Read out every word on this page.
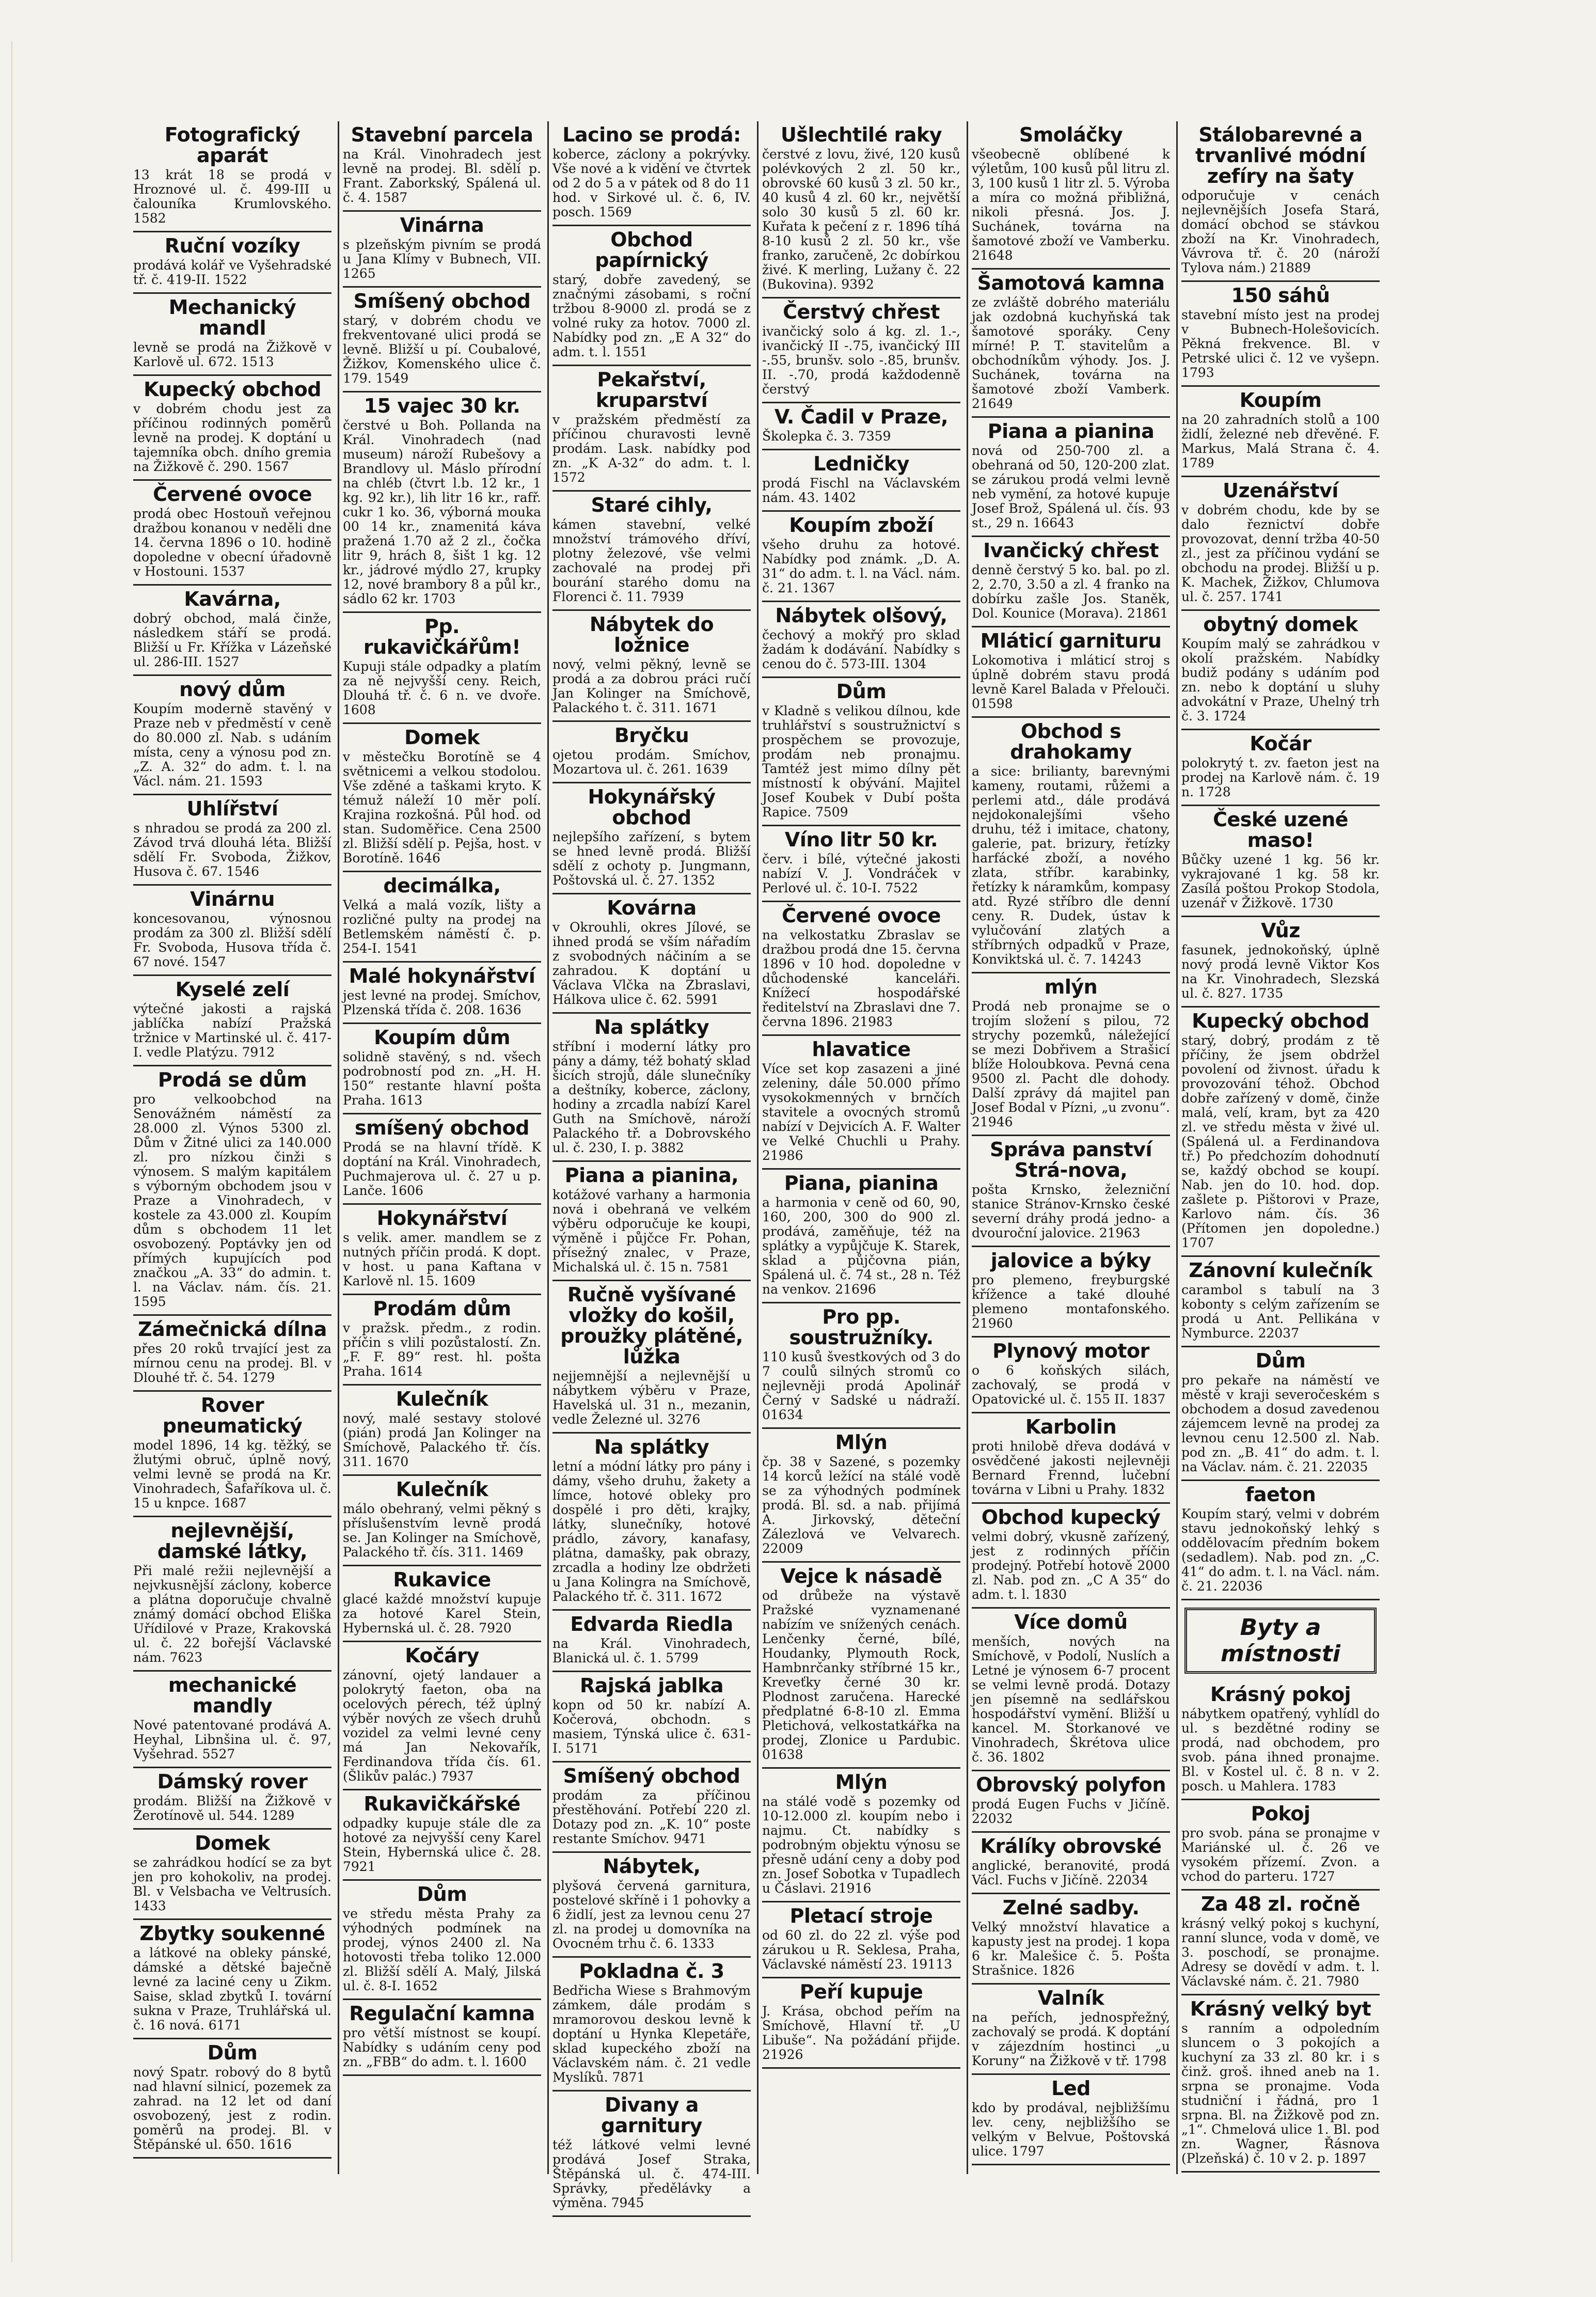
Fotografický aparát

13 krát 18 se prodá v Hroznové ul. č. 499-III u čalouníka Krumlovského. 1582

Ruční vozíky

prodává kolář ve Vyšehradské tř. č. 419-II. 1522

Mechanický mandl

levně se prodá na Žižkově v Karlově ul. 672. 1513

Kupecký obchod

v dobrém chodu jest za příčinou rodinných poměrů levně na prodej. K doptání u tajemníka obch. dního gremia na Žižkově č. 290. 1567

Červené ovoce

prodá obec Hostouň veřejnou dražbou konanou v neděli dne 14. června 1896 o 10. hodině dopoledne v obecní úřadovně v Hostouni. 1537

Kavárna,

dobrý obchod, malá činže, následkem stáří se prodá. Bližší u Fr. Křížka v Lázeňské ul. 286-III. 1527

nový dům

Koupím moderně stavěný v Praze neb v předměstí v ceně do 80.000 zl. Nab. s udáním místa, ceny a výnosu pod zn. „Z. A. 32“ do adm. t. l. na Václ. nám. 21. 1593

Uhlířství

s nhradou se prodá za 200 zl. Závod trvá dlouhá léta. Bližší sdělí Fr. Svoboda, Žižkov, Husova č. 67. 1546

Vinárnu

koncesovanou, výnosnou prodám za 300 zl. Bližší sdělí Fr. Svoboda, Husova třída č. 67 nové. 1547

Kyselé zelí

výtečné jakosti a rajská jablíčka nabízí Pražská tržnice v Martinské ul. č. 417-I. vedle Platýzu. 7912

Prodá se dům

pro velkoobchod na Senovážném náměstí za 28.000 zl. Výnos 5300 zl. Dům v Žitné ulici za 140.000 zl. pro nízkou činži s výnosem. S malým kapitálem s výborným obchodem jsou v Praze a Vinohradech, v kostele za 43.000 zl. Koupím dům s obchodem 11 let osvobozený. Poptávky jen od přímých kupujících pod značkou „A. 33“ do admin. t. l. na Václav. nám. čís. 21. 1595

Zámečnická dílna

přes 20 roků trvající jest za mírnou cenu na prodej. Bl. v Dlouhé tř. č. 54. 1279

Rover pneumatický

model 1896, 14 kg. těžký, se žlutými obruč, úplně nový, velmi levně se prodá na Kr. Vinohradech, Šafaříkova ul. č. 15 u knpce. 1687

nejlevnější, damské látky,

Při malé režii nejlevnější a nejvkusnější záclony, koberce a plátna doporučuje chvalně známý domácí obchod Eliška Uřídilové v Praze, Krakovská ul. č. 22 bořejší Václavské nám. 7623

mechanické mandly

Nové patentované prodává A. Heyhal, Libnšina ul. č. 97, Vyšehrad. 5527

Dámský rover

prodám. Bližší na Žižkově v Žerotínově ul. 544. 1289

Domek

se zahrádkou hodící se za byt jen pro kohokoliv, na prodej. Bl. v Velsbacha ve Veltrusích. 1433

Zbytky soukenné

a látkové na obleky pánské, dámské a dětské baječně levné za laciné ceny u Zikm. Saise, sklad zbytků I. tovární sukna v Praze, Truhlářská ul. č. 16 nová. 6171

Dům

nový Spatr. robový do 8 bytů nad hlavní silnicí, pozemek za zahrad. na 12 let od daní osvobozený, jest z rodin. poměrů na prodej. Bl. v Štěpánské ul. 650. 1616

Stavební parcela

na Král. Vinohradech jest levně na prodej. Bl. sdělí p. Frant. Zaborkský, Spálená ul. č. 4. 1587

Vinárna

s plzeňským pivním se prodá u Jana Klímy v Bubnech, VII. 1265

Smíšený obchod

starý, v dobrém chodu ve frekventované ulici prodá se levně. Bližší u pí. Coubalové, Žižkov, Komenského ulice č. 179. 1549

15 vajec 30 kr.

čerstvé u Boh. Pollanda na Král. Vinohradech (nad museum) nároží Rubešovy a Brandlovy ul. Máslo přírodní na chléb (čtvrt l.b. 12 kr., 1 kg. 92 kr.), lih litr 16 kr., rafř. cukr 1 ko. 36, výborná mouka 00 14 kr., znamenitá káva pražená 1.70 až 2 zl., čočka litr 9, hrách 8, šišt 1 kg. 12 kr., jádrové mýdlo 27, krupky 12, nové brambory 8 a půl kr., sádlo 62 kr. 1703

Pp. rukavičkářům!

Kupuji stále odpadky a platím za ně nejvyšší ceny. Reich, Dlouhá tř. č. 6 n. ve dvoře. 1608

Domek

v městečku Borotíně se 4 světnicemi a velkou stodolou. Vše zděné a taškami kryto. K témuž náleží 10 měr polí. Krajina rozkošná. Půl hod. od stan. Sudoměřice. Cena 2500 zl. Bližší sdělí p. Pejša, host. v Borotíně. 1646

decimálka,

Velká a malá vozík, lišty a rozličné pulty na prodej na Betlemském náměstí č. p. 254-I. 1541

Malé hokynářství

jest levné na prodej. Smíchov, Plzenská třída č. 208. 1636

Koupím dům

solidně stavěný, s nd. všech podrobností pod zn. „H. H. 150“ restante hlavní pošta Praha. 1613

smíšený obchod

Prodá se na hlavní třídě. K doptání na Král. Vinohradech, Puchmajerova ul. č. 27 u p. Lanče. 1606

Hokynářství

s velik. amer. mandlem se z nutných příčin prodá. K dopt. v host. u pana Kaftana v Karlově nl. 15. 1609

Prodám dům

v pražsk. předm., z rodin. příčin s vlili pozůstalostí. Zn. „F. F. 89“ rest. hl. pošta Praha. 1614

Kulečník

nový, malé sestavy stolové (pián) prodá Jan Kolinger na Smíchově, Palackého tř. čís. 311. 1670

Kulečník

málo obehraný, velmi pěkný s příslušenstvím levně prodá se. Jan Kolinger na Smíchově, Palackého tř. čís. 311. 1469

Rukavice

glacé každé množství kupuje za hotové Karel Stein, Hybernská ul. č. 28. 7920

Kočáry

zánovní, ojetý landauer a polokrytý faeton, oba na ocelových pérech, též úplný výběr nových ze všech druhů vozidel za velmi levné ceny má Jan Nekovařík, Ferdinandova třída čís. 61. (Šlikův palác.) 7937

Rukavičkářské

odpadky kupuje stále dle za hotové za nejvyšší ceny Karel Stein, Hybernská ulice č. 28. 7921

Dům

ve středu města Prahy za výhodných podmínek na prodej, výnos 2400 zl. Na hotovosti třeba toliko 12.000 zl. Bližší sdělí A. Malý, Jilská ul. č. 8-I. 1652

Regulační kamna

pro větší místnost se koupí. Nabídky s udáním ceny pod zn. „FBB“ do adm. t. l. 1600

Lacino se prodá:

koberce, záclony a pokrývky. Vše nové a k vidění ve čtvrtek od 2 do 5 a v pátek od 8 do 11 hod. v Sirkové ul. č. 6, IV. posch. 1569

Obchod papírnický

starý, dobře zavedený, se značnými zásobami, s roční tržbou 8-9000 zl. prodá se z volné ruky za hotov. 7000 zl. Nabídky pod zn. „E A 32“ do adm. t. l. 1551

Pekařství, kruparství

v pražském předměstí za příčinou churavosti levně prodám. Lask. nabídky pod zn. „K A-32“ do adm. t. l. 1572

Staré cihly,

kámen stavební, velké množství trámového dříví, plotny železové, vše velmi zachovalé na prodej při bourání starého domu na Florenci č. 11. 7939

Nábytek do ložnice

nový, velmi pěkný, levně se prodá a za dobrou práci ručí Jan Kolinger na Smíchově, Palackého t. č. 311. 1671

Bryčku

ojetou prodám. Smíchov, Mozartova ul. č. 261. 1639

Hokynářský obchod

nejlepšího zařízení, s bytem se hned levně prodá. Bližší sdělí z ochoty p. Jungmann, Poštovská ul. č. 27. 1352

Kovárna

v Okrouhli, okres Jílové, se ihned prodá se vším nářadím z svobodných náčiním a se zahradou. K doptání u Václava Vlčka na Zbraslavi, Hálkova ulice č. 62. 5991

Na splátky

stříbní i moderní látky pro pány a dámy, též bohatý sklad šicích strojů, dále slunečníky a deštníky, koberce, záclony, hodiny a zrcadla nabízí Karel Guth na Smíchově, nároží Palackého tř. a Dobrovského ul. č. 230, I. p. 3882

Piana a pianina,

kotážové varhany a harmonia nová i obehraná ve velkém výběru odporučuje ke koupi, výměně i půjčce Fr. Pohan, přísežný znalec, v Praze, Michalská ul. č. 15 n. 7581

Ručně vyšívané vložky do košil, proužky plátěné, lůžka

nejjemnější a nejlevnější u nábytkem výběru v Praze, Havelská ul. 31 n., mezanin, vedle Železné ul. 3276

Na splátky

letní a módní látky pro pány i dámy, všeho druhu, žakety a límce, hotové obleky pro dospělé i pro děti, krajky, látky, slunečníky, hotové prádlo, závory, kanafasy, plátna, damašky, pak obrazy, zrcadla a hodiny lze obdržeti u Jana Kolingra na Smíchově, Palackého tř. č. 311. 1672

Edvarda Riedla

na Král. Vinohradech, Blanická ul. č. 1. 5799

Rajská jablka

kopn od 50 kr. nabízí A. Kočerová, obchodn. s masiem, Týnská ulice č. 631-I. 5171

Smíšený obchod

prodám za příčinou přestěhování. Potřebí 220 zl. Dotazy pod zn. „K. 10“ poste restante Smíchov. 9471

Nábytek,

plyšová červená garnitura, postelové skříně i 1 pohovky a 6 židlí, jest za levnou cenu 27 zl. na prodej u domovníka na Ovocném trhu č. 6. 1333

Pokladna č. 3

Bedřicha Wiese s Brahmovým zámkem, dále prodám s mramorovou deskou levně k doptání u Hynka Klepetáře, sklad kupeckého zboží na Václavském nám. č. 21 vedle Myslíků. 7871

Divany a garnitury

též látkové velmi levné prodává Josef Straka, Štěpánská ul. č. 474-III. Správky, předělávky a výměna. 7945

Ušlechtilé raky

čerstvé z lovu, živé, 120 kusů polévkových 2 zl. 50 kr., obrovské 60 kusů 3 zl. 50 kr., 40 kusů 4 zl. 60 kr., největší solo 30 kusů 5 zl. 60 kr. Kuřata k pečení z r. 1896 tíhá 8-10 kusů 2 zl. 50 kr., vše franko, zaručeně, 2c dobírkou živé. K merling, Lužany č. 22 (Bukovina). 9392

Čerstvý chřest

ivančický solo á kg. zl. 1.-, ivančický II -.75, ivančický III -.55, brunšv. solo -.85, brunšv. II. -.70, prodá každodenně čerstvý

V. Čadil v Praze,

Školepka č. 3. 7359

Ledničky

prodá Fischl na Václavském nám. 43. 1402

Koupím zboží

všeho druhu za hotové. Nabídky pod známk. „D. A. 31“ do adm. t. l. na Václ. nám. č. 21. 1367

Nábytek olšový,

čechový a mokřý pro sklad žadám k dodávání. Nabídky s cenou do č. 573-III. 1304

Dům

v Kladně s velikou dílnou, kde truhlářství s soustružnictví s prospěchem se provozuje, prodám neb pronajmu. Tamtéž jest mimo dílny pět místností k obývání. Majitel Josef Koubek v Dubí pošta Rapice. 7509

Víno litr 50 kr.

červ. i bílé, výtečné jakosti nabízí V. J. Vondráček v Perlové ul. č. 10-I. 7522

Červené ovoce

na velkostatku Zbraslav se dražbou prodá dne 15. června 1896 v 10 hod. dopoledne v důchodenské kanceláři. Knížecí hospodářské ředitelství na Zbraslavi dne 7. června 1896. 21983

hlavatice

Více set kop zasazeni a jiné zeleniny, dále 50.000 přímo vysokokmenných v brnčích stavitele a ovocných stromů nabízí v Dejvicích A. F. Walter ve Velké Chuchli u Prahy. 21986

Piana, pianina

a harmonia v ceně od 60, 90, 160, 200, 300 do 900 zl. prodává, zaměňuje, též na splátky a vypůjčuje K. Starek, sklad a půjčovna pián, Spálená ul. č. 74 st., 28 n. Též na venkov. 21696

Pro pp. soustružníky.

110 kusů švestkových od 3 do 7 coulů silných stromů co nejlevněji prodá Apolinář Černý v Sadské u nádraží. 01634

Mlýn

čp. 38 v Sazené, s pozemky 14 korců ležící na stálé vodě se za výhodných podmínek prodá. Bl. sd. a nab. přijímá A. Jirkovský, děteční Zálezlová ve Velvarech. 22009

Vejce k násadě

od drůbeže na výstavě Pražské vyznamenané nabízím ve snížených cenách. Lenčenky černé, bílé, Houdanky, Plymouth Rock, Hambnrčanky stříbrné 15 kr., Kreveťky černé 30 kr. Plodnost zaručena. Harecké předplatné 6-8-10 zl. Emma Pletichová, velkostatkářka na prodej, Zlonice u Pardubic. 01638

Mlýn

na stálé vodě s pozemky od 10-12.000 zl. koupím nebo i najmu. Ct. nabídky s podrobným objektu výnosu se přesně udání ceny a doby pod zn. Josef Sobotka v Tupadlech u Čáslavi. 21916

Pletací stroje

od 60 zl. do 22 zl. výše pod zárukou u R. Seklesa, Praha, Václavské náměstí 23. 19113

Peří kupuje

J. Krása, obchod peřím na Smíchově, Hlavní tř. „U Libuše“. Na požádání přijde. 21926

Smoláčky

všeobecně oblíbené k výletům, 100 kusů půl litru zl. 3, 100 kusů 1 litr zl. 5. Výroba a míra co možná přibližná, nikoli přesná. Jos. J. Suchánek, továrna na šamotové zboží ve Vamberku. 21648

Šamotová kamna

ze zvláště dobrého materiálu jak ozdobná kuchyňská tak šamotové sporáky. Ceny mírné! P. T. stavitelům a obchodníkům výhody. Jos. J. Suchánek, továrna na šamotové zboží Vamberk. 21649

Piana a pianina

nová od 250-700 zl. a obehraná od 50, 120-200 zlat. se zárukou prodá velmi levně neb vymění, za hotové kupuje Josef Brož, Spálená ul. čís. 93 st., 29 n. 16643

Ivančický chřest

denně čerstvý 5 ko. bal. po zl. 2, 2.70, 3.50 a zl. 4 franko na dobírku zašle Jos. Staněk, Dol. Kounice (Morava). 21861

Mláticí garnituru

Lokomotiva i mláticí stroj s úplně dobrém stavu prodá levně Karel Balada v Přelouči. 01598

Obchod s drahokamy

a sice: brilianty, barevnými kameny, routami, růžemi a perlemi atd., dále prodává nejdokonalejšími všeho druhu, též i imitace, chatony, galerie, pat. brizury, řetízky harfácké zboží, a nového zlata, stříbr. karabinky, řetízky k náramkům, kompasy atd. Ryzé stříbro dle denní ceny. R. Dudek, ústav k vylučování zlatých a stříbrných odpadků v Praze, Konviktská ul. č. 7. 14243

mlýn

Prodá neb pronajme se o trojím složení s pilou, 72 strychy pozemků, náležející se mezi Dobřivem a Strašicí blíže Holoubkova. Pevná cena 9500 zl. Pacht dle dohody. Další zprávy dá majitel pan Josef Bodal v Pízni, „u zvonu“. 21946

Správa panství Strá-nova,

pošta Krnsko, železniční stanice Stránov-Krnsko české severní dráhy prodá jedno- a dvouroční jalovice. 21963

jalovice a býky

pro plemeno, freyburgské křížence a také dlouhé plemeno montafonského. 21960

Plynový motor

o 6 koňských silách, zachovalý, se prodá v Opatovické ul. č. 155 II. 1837

Karbolin

proti hnilobě dřeva dodává v osvědčené jakosti nejlevněji Bernard Frennd, lučební továrna v Libni u Prahy. 1832

Obchod kupecký

velmi dobrý, vkusně zařízený, jest z rodinných příčin prodejný. Potřebí hotově 2000 zl. Nab. pod zn. „C A 35“ do adm. t. l. 1830

Více domů

menších, nových na Smíchově, v Podolí, Nuslích a Letné je výnosem 6-7 procent se velmi levně prodá. Dotazy jen písemně na sedlářskou hospodářství vymění. Bližší u kancel. M. Storkanové ve Vinohradech, Škrétova ulice č. 36. 1802

Obrovský polyfon

prodá Eugen Fuchs v Jičíně. 22032

Králíky obrovské

anglické, beranovité, prodá Václ. Fuchs v Jičíně. 22034

Zelné sadby.

Velký množství hlavatice a kapusty jest na prodej. 1 kopa 6 kr. Malešice č. 5. Pošta Strašnice. 1826

Valník

na peřích, jednospřežný, zachovalý se prodá. K doptání v zájezdním hostinci „u Koruny“ na Žižkově v tř. 1798

Led

kdo by prodával, nejbližšímu lev. ceny, nejbližšího se velkým v Belvue, Poštovská ulice. 1797

Stálobarevné a trvanlivé módní zefíry na šaty

odporučuje v cenách nejlevnějších Josefa Stará, domácí obchod se stávkou zboží na Kr. Vinohradech, Vávrova tř. č. 20 (nároží Tylova nám.) 21889

150 sáhů

stavební místo jest na prodej v Bubnech-Holešovicích. Pěkná frekvence. Bl. v Petrské ulici č. 12 ve vyšepn. 1793

Koupím

na 20 zahradních stolů a 100 židlí, železné neb dřevěné. F. Markus, Malá Strana č. 4. 1789

Uzenářství

v dobrém chodu, kde by se dalo řeznictví dobře provozovat, denní tržba 40-50 zl., jest za příčinou vydání se obchodu na prodej. Bližší u p. K. Machek, Žižkov, Chlumova ul. č. 257. 1741

obytný domek

Koupím malý se zahrádkou v okolí pražském. Nabídky budiž podány s udáním pod zn. nebo k doptání u sluhy advokátní v Praze, Uhelný trh č. 3. 1724

Kočár

polokrytý t. zv. faeton jest na prodej na Karlově nám. č. 19 n. 1728

České uzené maso!

Bůčky uzené 1 kg. 56 kr. vykrajované 1 kg. 58 kr. Zasílá poštou Prokop Stodola, uzenář v Žižkově. 1730

Vůz

fasunek, jednokoňský, úplně nový prodá levně Viktor Kos na Kr. Vinohradech, Slezská ul. č. 827. 1735

Kupecký obchod

starý, dobrý, prodám z tě příčiny, že jsem obdržel povolení od živnost. úřadu k provozování téhož. Obchod dobře zařízený v domě, činže malá, velí, kram, byt za 420 zl. ve středu města v živé ul. (Spálená ul. a Ferdinandova tř.) Po předchozím dohodnutí se, každý obchod se koupí. Nab. jen do 10. hod. dop. zašlete p. Pištorovi v Praze, Karlovo nám. čís. 36 (Přítomen jen dopoledne.) 1707

Zánovní kulečník

carambol s tabulí na 3 kobonty s celým zařízením se prodá u Ant. Pellikána v Nymburce. 22037

Dům

pro pekaře na náměstí ve městě v kraji severočeském s obchodem a dosud zavedenou zájemcem levně na prodej za levnou cenu 12.500 zl. Nab. pod zn. „B. 41“ do adm. t. l. na Václav. nám. č. 21. 22035

faeton

Koupím starý, velmi v dobrém stavu jednokoňský lehký s oddělovacím předním bokem (sedadlem). Nab. pod zn. „C. 41“ do adm. t. l. na Václ. nám. č. 21. 22036

Byty a místnosti
Krásný pokoj

nábytkem opatřený, vyhlídl do ul. s bezdětné rodiny se prodá, nad obchodem, pro svob. pána ihned pronajme. Bl. v Kostel ul. č. 8 n. v 2. posch. u Mahlera. 1783

Pokoj

pro svob. pána se pronajme v Mariánské ul. č. 26 ve vysokém přízemí. Zvon. a vchod do parteru. 1727

Za 48 zl. ročně

krásný velký pokoj s kuchyní, ranní slunce, voda v domě, ve 3. poschodí, se pronajme. Adresy se dovědí v adm. t. l. Václavské nám. č. 21. 7980

Krásný velký byt

s ranním a odpoledním sluncem o 3 pokojích a kuchyní za 33 zl. 80 kr. i s činž. groš. ihned aneb na 1. srpna se pronajme. Voda studniční i řádná, pro 1 srpna. Bl. na Žižkově pod zn. „1“. Chmelová ulice 1. Bl. pod zn. Wagner, Řásnova (Plzeňská) č. 10 v 2. p. 1897
